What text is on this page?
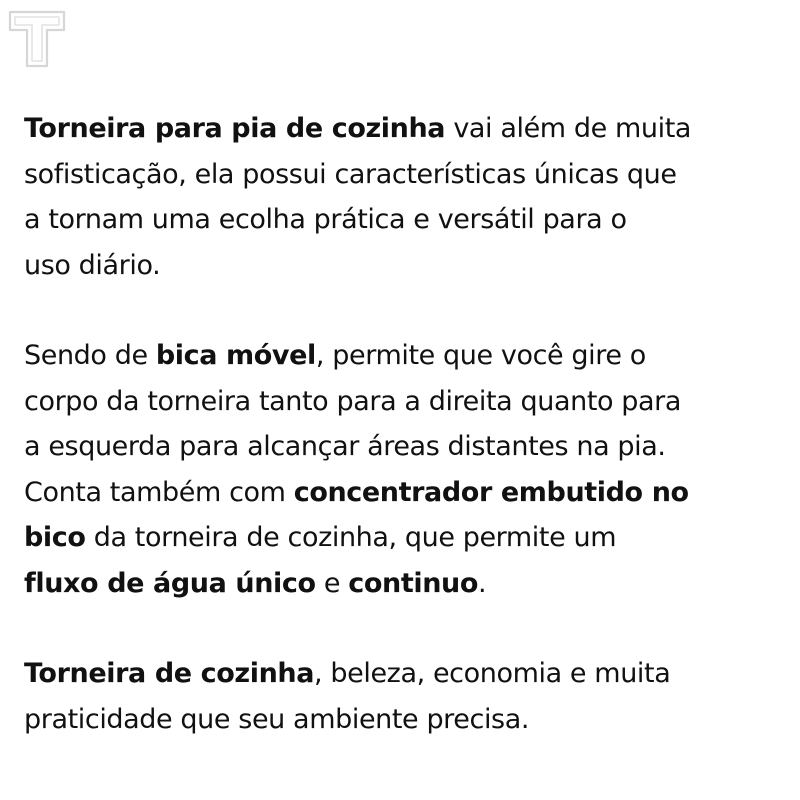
Torneira para pia de cozinha vai além de muita
sofisticação, ela possui características únicas que
a tornam uma ecolha prática e versátil para o
uso diário.

Sendo de bica móvel, permite que você gire o
corpo da torneira tanto para a direita quanto para
a esquerda para alcançar áreas distantes na pia.
Conta também com concentrador embutido no
bico da torneira de cozinha, que permite um
fluxo de água único e continuo.

Torneira de cozinha, beleza, economia e muita
praticidade que seu ambiente precisa.
